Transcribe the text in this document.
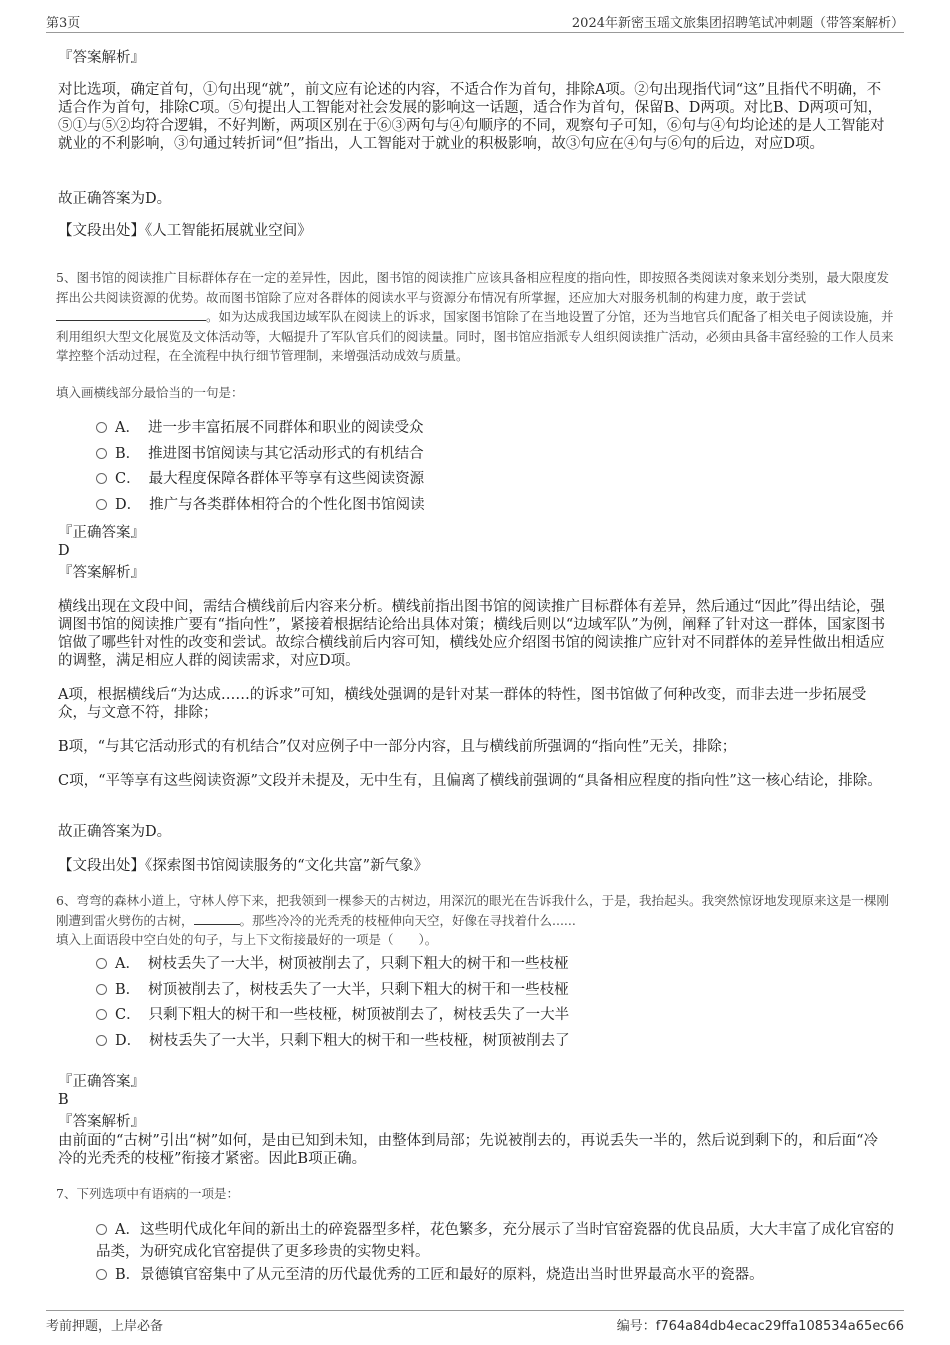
第3页	2024年新密玉瑶文旅集团招聘笔试冲刺题（带答案解析）
『答案解析』
对比选项，确定首句，①句出现“就”，前文应有论述的内容，不适合作为首句，排除A项。②句出现指代词“这”且指代不明确，不适合作为首句，排除C项。⑤句提出人工智能对社会发展的影响这一话题，适合作为首句，保留B、D两项。对比B、D两项可知，⑤①与⑤②均符合逻辑，不好判断，两项区别在于⑥③两句与④句顺序的不同，观察句子可知，⑥句与④句均论述的是人工智能对就业的不利影响，③句通过转折词“但”指出，人工智能对于就业的积极影响，故③句应在④句与⑥句的后边，对应D项。
故正确答案为D。
【文段出处】《人工智能拓展就业空间》
5、图书馆的阅读推广目标群体存在一定的差异性，因此，图书馆的阅读推广应该具备相应程度的指向性，即按照各类阅读对象来划分类别，最大限度发挥出公共阅读资源的优势。故而图书馆除了应对各群体的阅读水平与资源分布情况有所掌握，还应加大对服务机制的构建力度，敢于尝试。如为达成我国边域军队在阅读上的诉求，国家图书馆除了在当地设置了分馆，还为当地官兵们配备了相关电子阅读设施，并利用组织大型文化展览及文体活动等，大幅提升了军队官兵们的阅读量。同时，图书馆应指派专人组织阅读推广活动，必须由具备丰富经验的工作人员来掌控整个活动过程，在全流程中执行细节管理制，来增强活动成效与质量。
填入画横线部分最恰当的一句是：
A． 进一步丰富拓展不同群体和职业的阅读受众
B． 推进图书馆阅读与其它活动形式的有机结合
C． 最大程度保障各群体平等享有这些阅读资源
D． 推广与各类群体相符合的个性化图书馆阅读
『正确答案』
D
『答案解析』
横线出现在文段中间，需结合横线前后内容来分析。横线前指出图书馆的阅读推广目标群体有差异，然后通过“因此”得出结论，强调图书馆的阅读推广要有“指向性”，紧接着根据结论给出具体对策；横线后则以“边域军队”为例，阐释了针对这一群体，国家图书馆做了哪些针对性的改变和尝试。故综合横线前后内容可知，横线处应介绍图书馆的阅读推广应针对不同群体的差异性做出相适应的调整，满足相应人群的阅读需求，对应D项。
A项，根据横线后“为达成……的诉求”可知，横线处强调的是针对某一群体的特性，图书馆做了何种改变，而非去进一步拓展受众，与文意不符，排除；
B项，“与其它活动形式的有机结合”仅对应例子中一部分内容，且与横线前所强调的“指向性”无关，排除；
C项，“平等享有这些阅读资源”文段并未提及，无中生有，且偏离了横线前强调的“具备相应程度的指向性”这一核心结论，排除。
故正确答案为D。
【文段出处】《探索图书馆阅读服务的“文化共富”新气象》
6、弯弯的森林小道上，守林人停下来，把我领到一棵参天的古树边，用深沉的眼光在告诉我什么，于是，我抬起头。我突然惊讶地发现原来这是一棵刚刚遭到雷火劈伤的古树，	。那些冷冷的光秃秃的枝桠伸向天空，好像在寻找着什么......
填入上面语段中空白处的句子，与上下文衔接最好的一项是（　　）。
A． 树枝丢失了一大半，树顶被削去了，只剩下粗大的树干和一些枝桠
B． 树顶被削去了，树枝丢失了一大半，只剩下粗大的树干和一些枝桠
C． 只剩下粗大的树干和一些枝桠，树顶被削去了，树枝丢失了一大半
D． 树枝丢失了一大半，只剩下粗大的树干和一些枝桠，树顶被削去了
『正确答案』
B
『答案解析』
由前面的“古树”引出“树”如何，是由已知到未知，由整体到局部；先说被削去的，再说丢失一半的，然后说到剩下的，和后面“冷冷的光秃秃的枝桠”衔接才紧密。因此B项正确。
7、下列选项中有语病的一项是：
A．这些明代成化年间的新出土的碎瓷器型多样，花色繁多，充分展示了当时官窑瓷器的优良品质，大大丰富了成化官窑的品类，为研究成化官窑提供了更多珍贵的实物史料。
B．景德镇官窑集中了从元至清的历代最优秀的工匠和最好的原料，烧造出当时世界最高水平的瓷器。
考前押题，上岸必备	编号：f764a84db4ecac29ffa108534a65ec66
